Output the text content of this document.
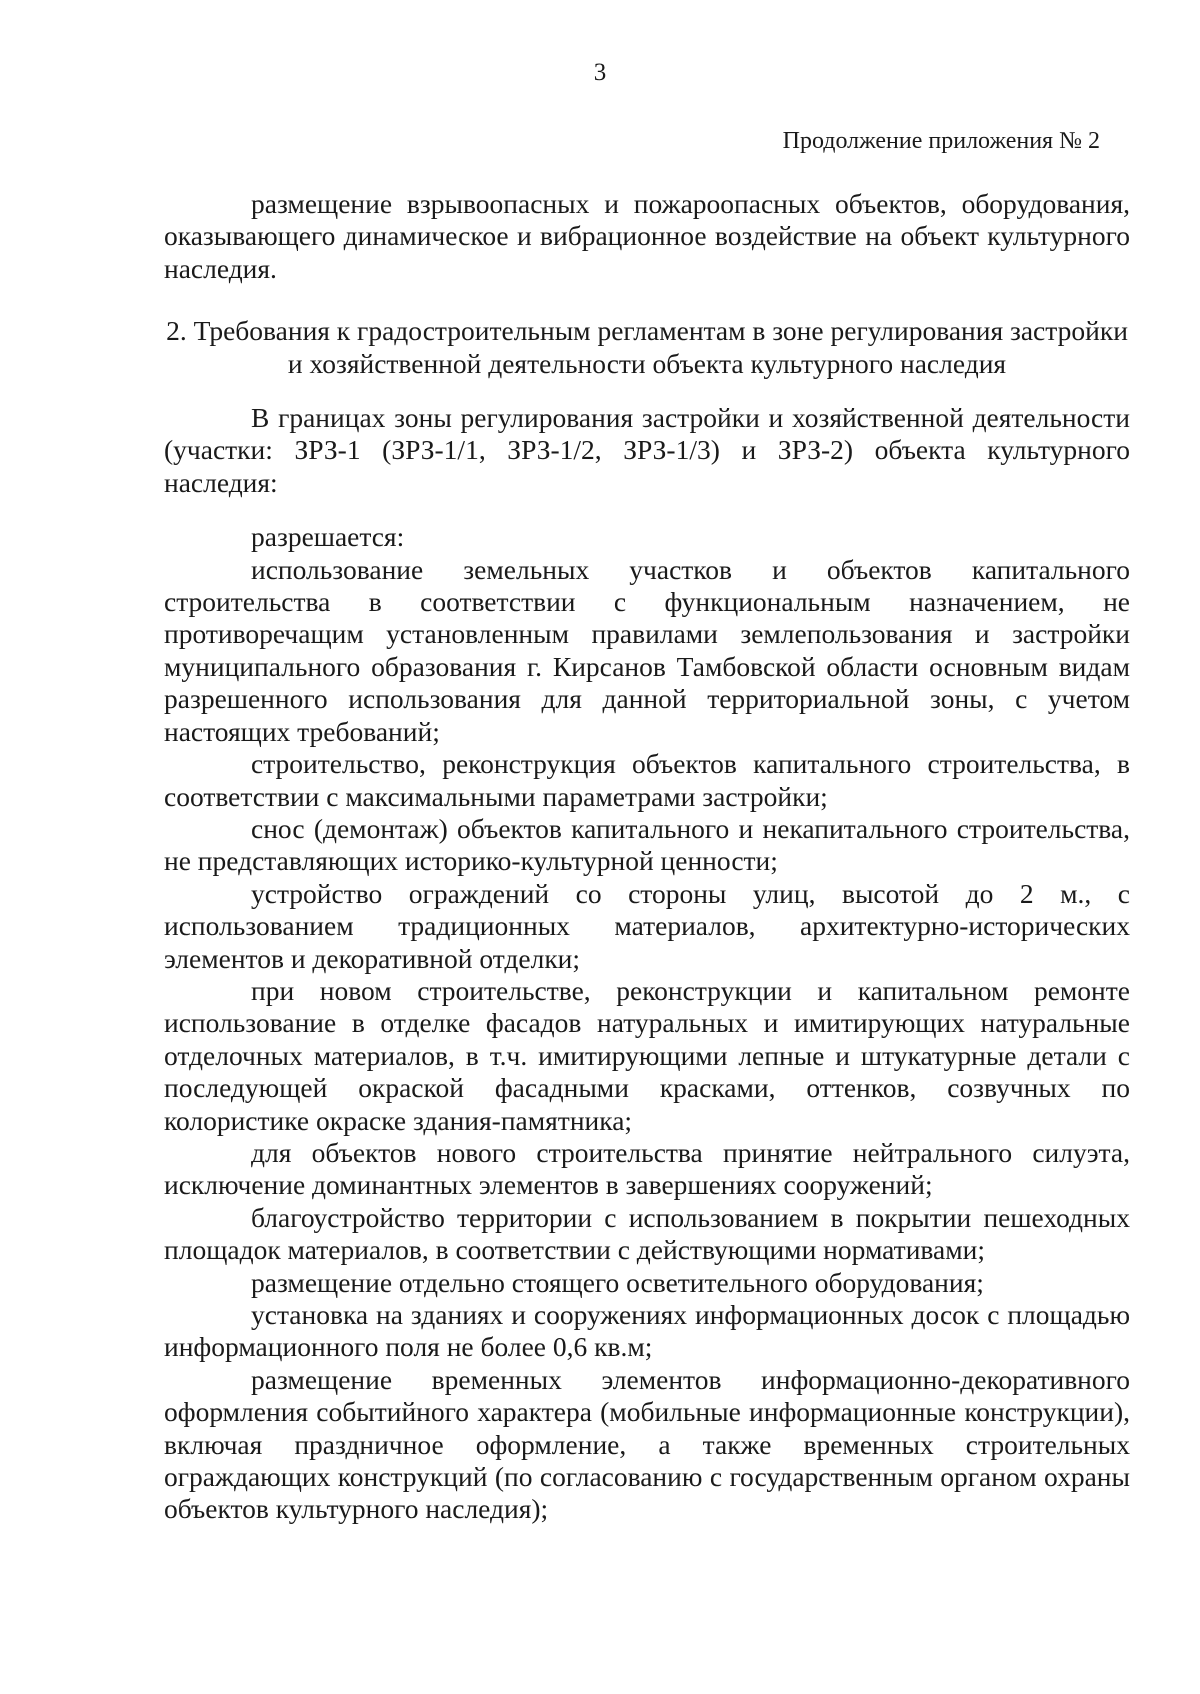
3
Продолжение приложения № 2

размещение взрывоопасных и пожароопасных объектов, оборудования, оказывающего динамическое и вибрационное воздействие на объект культурного наследия.

2. Требования к градостроительным регламентам в зоне регулирования застройки и хозяйственной деятельности объекта культурного наследия

В границах зоны регулирования застройки и хозяйственной деятельности (участки: ЗРЗ-1 (ЗРЗ-1/1, ЗРЗ-1/2, ЗРЗ-1/3) и ЗРЗ-2) объекта культурного наследия:

разрешается:

использование земельных участков и объектов капитального строительства в соответствии с функциональным назначением, не противоречащим установленным правилами землепользования и застройки муниципального образования г. Кирсанов Тамбовской области основным видам разрешенного использования для данной территориальной зоны, с учетом настоящих требований;

строительство, реконструкция объектов капитального строительства, в соответствии с максимальными параметрами застройки;

снос (демонтаж) объектов капитального и некапитального строительства, не представляющих историко-культурной ценности;

устройство ограждений со стороны улиц, высотой до 2 м., с использованием традиционных материалов, архитектурно-исторических элементов и декоративной отделки;

при новом строительстве, реконструкции и капитальном ремонте использование в отделке фасадов натуральных и имитирующих натуральные отделочных материалов, в т.ч. имитирующими лепные и штукатурные детали с последующей окраской фасадными красками, оттенков, созвучных по колористике окраске здания-памятника;

для объектов нового строительства принятие нейтрального силуэта, исключение доминантных элементов в завершениях сооружений;

благоустройство территории с использованием в покрытии пешеходных площадок материалов, в соответствии с действующими нормативами;

размещение отдельно стоящего осветительного оборудования;

установка на зданиях и сооружениях информационных досок с площадью информационного поля не более 0,6 кв.м;

размещение временных элементов информационно-декоративного оформления событийного характера (мобильные информационные конструкции), включая праздничное оформление, а также временных строительных ограждающих конструкций (по согласованию с государственным органом охраны объектов культурного наследия);
